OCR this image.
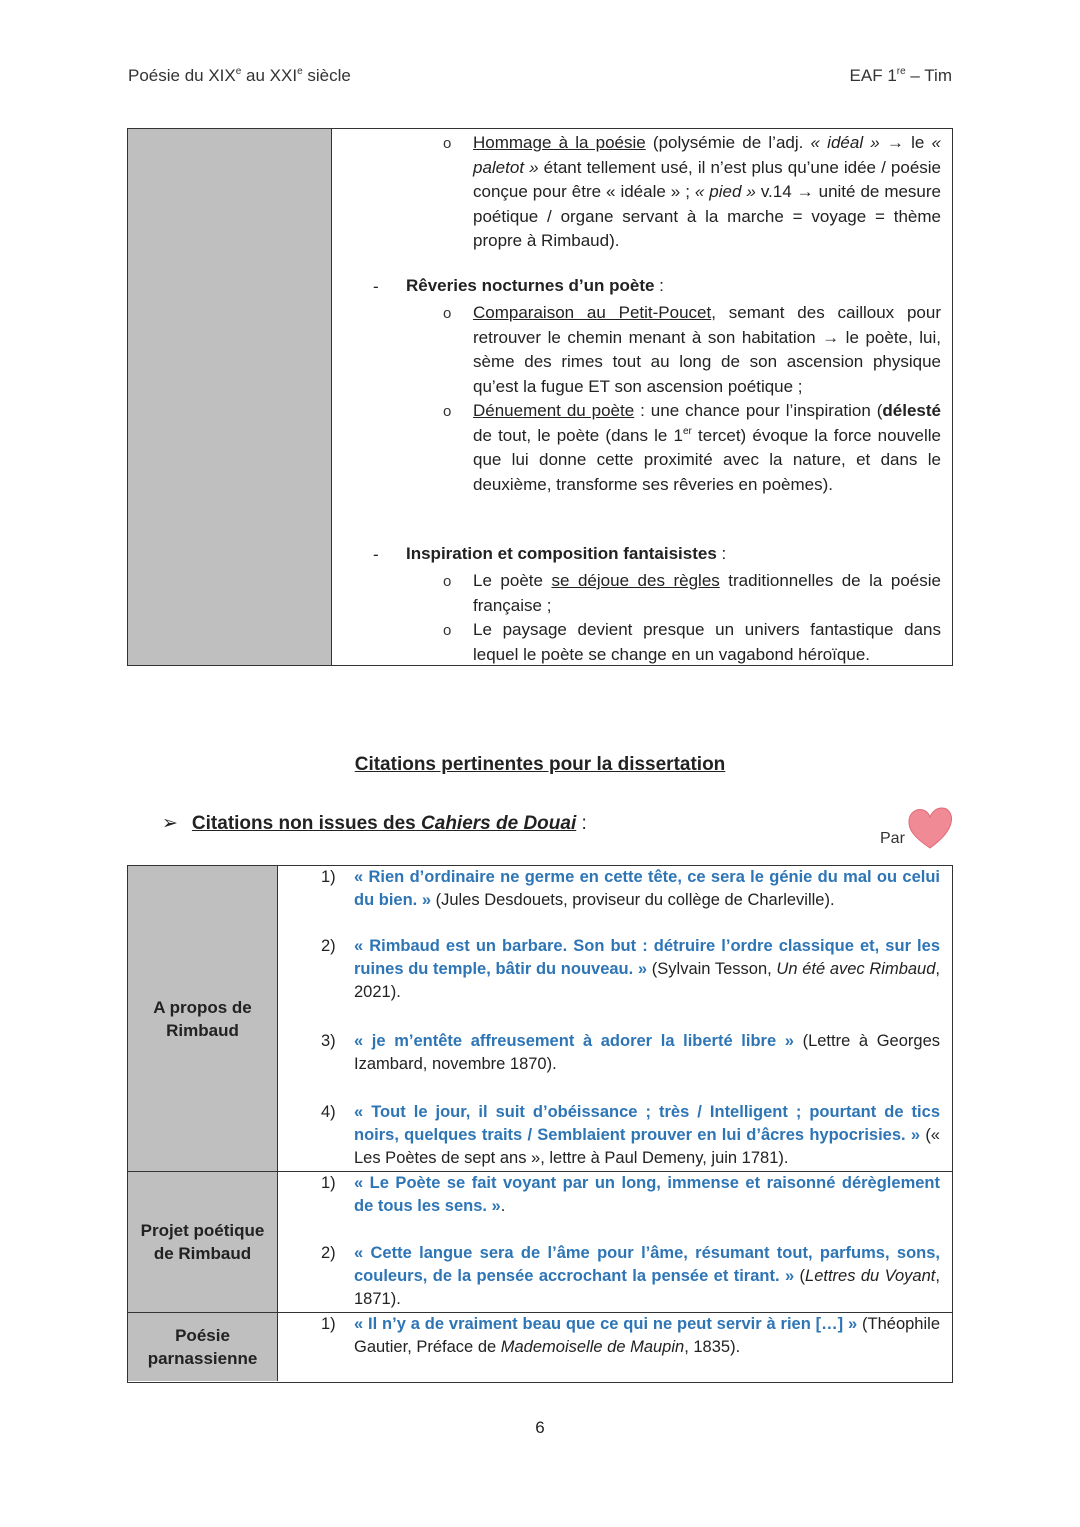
Poésie du XIXe au XXIe siècle	EAF 1re – Tim
o Hommage à la poésie (polysémie de l’adj. « idéal » → le « paletot » étant tellement usé, il n’est plus qu’une idée / poésie conçue pour être « idéale » ; « pied » v.14 → unité de mesure poétique / organe servant à la marche = voyage = thème propre à Rimbaud).
- Rêveries nocturnes d’un poète :
o Comparaison au Petit-Poucet, semant des cailloux pour retrouver le chemin menant à son habitation → le poète, lui, sème des rimes tout au long de son ascension physique qu’est la fugue ET son ascension poétique ;
o Dénuement du poète : une chance pour l’inspiration (délesté de tout, le poète (dans le 1er tercet) évoque la force nouvelle que lui donne cette proximité avec la nature, et dans le deuxième, transforme ses rêveries en poèmes).
- Inspiration et composition fantaisistes :
o Le poète se déjoue des règles traditionnelles de la poésie française ;
o Le paysage devient presque un univers fantastique dans lequel le poète se change en un vagabond héroïque.
Citations pertinentes pour la dissertation
➢ Citations non issues des Cahiers de Douai :
Par
A propos de Rimbaud
1) « Rien d’ordinaire ne germe en cette tête, ce sera le génie du mal ou celui du bien. » (Jules Desdouets, proviseur du collège de Charleville).
2) « Rimbaud est un barbare. Son but : détruire l’ordre classique et, sur les ruines du temple, bâtir du nouveau. » (Sylvain Tesson, Un été avec Rimbaud, 2021).
3) « je m’entête affreusement à adorer la liberté libre » (Lettre à Georges Izambard, novembre 1870).
4) « Tout le jour, il suit d’obéissance ; très / Intelligent ; pourtant de tics noirs, quelques traits / Semblaient prouver en lui d’âcres hypocrisies. » (« Les Poètes de sept ans », lettre à Paul Demeny, juin 1781).
Projet poétique de Rimbaud
1) « Le Poète se fait voyant par un long, immense et raisonné dérèglement de tous les sens. ».
2) « Cette langue sera de l’âme pour l’âme, résumant tout, parfums, sons, couleurs, de la pensée accrochant la pensée et tirant. » (Lettres du Voyant, 1871).
Poésie parnassienne
1) « Il n’y a de vraiment beau que ce qui ne peut servir à rien […] » (Théophile Gautier, Préface de Mademoiselle de Maupin, 1835).
6
